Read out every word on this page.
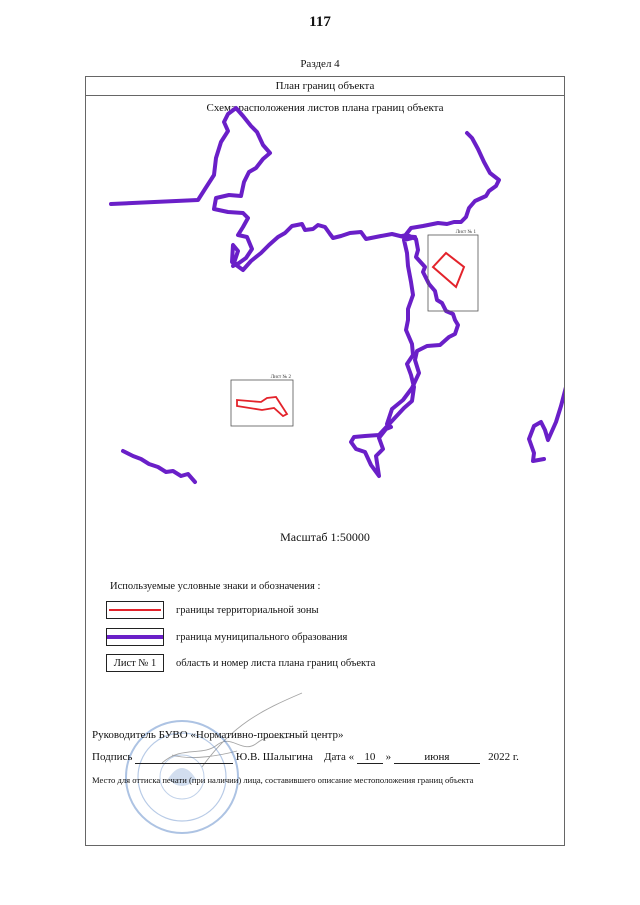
117
Раздел 4
План границ объекта
Схема расположения листов плана границ объекта
Лист № 1
Лист № 2
Масштаб 1:50000
Используемые условные знаки и обозначения :
границы территориальной зоны
граница муниципального образования
Лист № 1	область и номер листа плана границ объекта
Руководитель БУВО «Нормативно-проектный центр»
Подпись	Ю.В. Шалыгина Дата « 10 »	июня	2022 г.
Место для оттиска печати (при наличии) лица, составившего описание местоположения границ объекта
